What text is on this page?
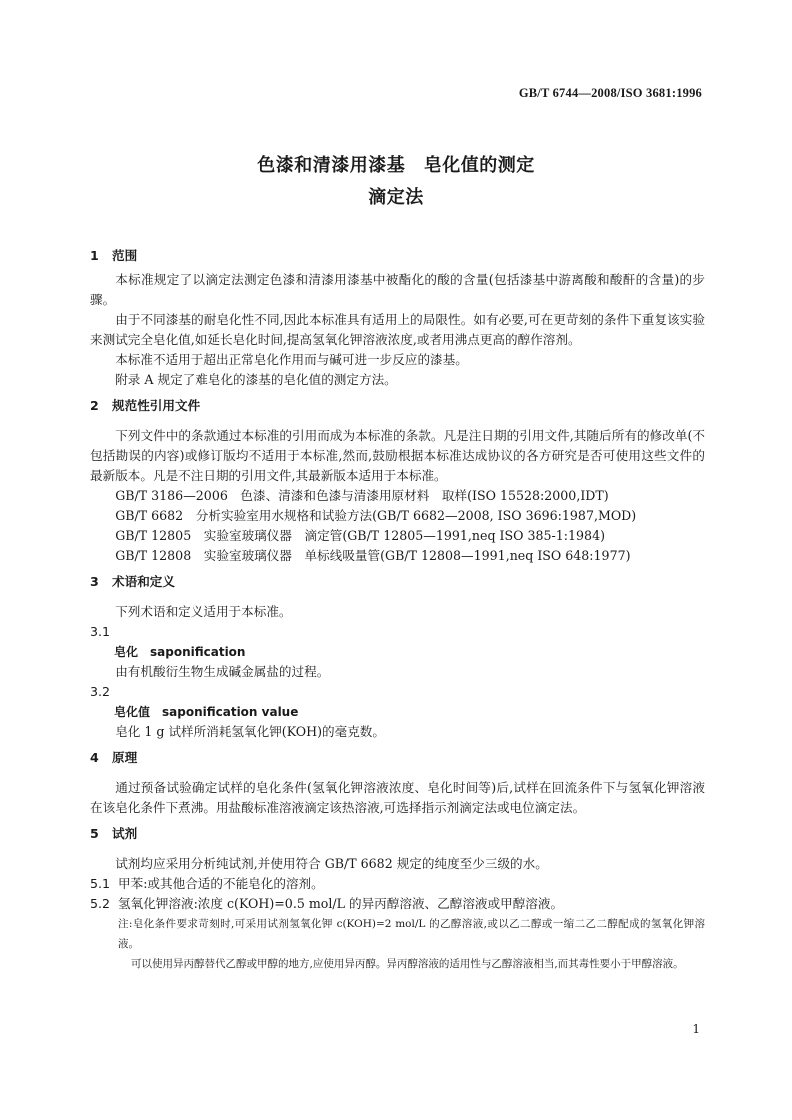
GB/T 6744—2008/ISO 3681:1996
色漆和清漆用漆基　皂化值的测定
滴定法
1	范围

本标准规定了以滴定法测定色漆和清漆用漆基中被酯化的酸的含量(包括漆基中游离酸和酸酐的含量)的步骤。

由于不同漆基的耐皂化性不同,因此本标准具有适用上的局限性。如有必要,可在更苛刻的条件下重复该实验来测试完全皂化值,如延长皂化时间,提高氢氧化钾溶液浓度,或者用沸点更高的醇作溶剂。

本标准不适用于超出正常皂化作用而与碱可进一步反应的漆基。

附录 A 规定了难皂化的漆基的皂化值的测定方法。

2	规范性引用文件

下列文件中的条款通过本标准的引用而成为本标准的条款。凡是注日期的引用文件,其随后所有的修改单(不包括勘误的内容)或修订版均不适用于本标准,然而,鼓励根据本标准达成协议的各方研究是否可使用这些文件的最新版本。凡是不注日期的引用文件,其最新版本适用于本标准。

GB/T 3186—2006　色漆、清漆和色漆与清漆用原材料　取样(ISO 15528:2000,IDT)

GB/T 6682　分析实验室用水规格和试验方法(GB/T 6682—2008, ISO 3696:1987,MOD)

GB/T 12805　实验室玻璃仪器　滴定管(GB/T 12805—1991,neq ISO 385-1:1984)

GB/T 12808　实验室玻璃仪器　单标线吸量管(GB/T 12808—1991,neq ISO 648:1977)

3	术语和定义

下列术语和定义适用于本标准。

3.1

皂化　saponification

由有机酸衍生物生成碱金属盐的过程。

3.2

皂化值　saponification value

皂化 1 g 试样所消耗氢氧化钾(KOH)的毫克数。

4	原理

通过预备试验确定试样的皂化条件(氢氧化钾溶液浓度、皂化时间等)后,试样在回流条件下与氢氧化钾溶液在该皂化条件下煮沸。用盐酸标准溶液滴定该热溶液,可选择指示剂滴定法或电位滴定法。

5	试剂

试剂均应采用分析纯试剂,并使用符合 GB/T 6682 规定的纯度至少三级的水。

5.1 甲苯:或其他合适的不能皂化的溶剂。
5.2 氢氧化钾溶液:浓度 c(KOH)=0.5 mol/L 的异丙醇溶液、乙醇溶液或甲醇溶液。

注:皂化条件要求苛刻时,可采用试剂氢氧化钾 c(KOH)=2 mol/L 的乙醇溶液,或以乙二醇或一缩二乙二醇配成的氢氧化钾溶液。

可以使用异丙醇替代乙醇或甲醇的地方,应使用异丙醇。异丙醇溶液的适用性与乙醇溶液相当,而其毒性要小于甲醇溶液。

1
